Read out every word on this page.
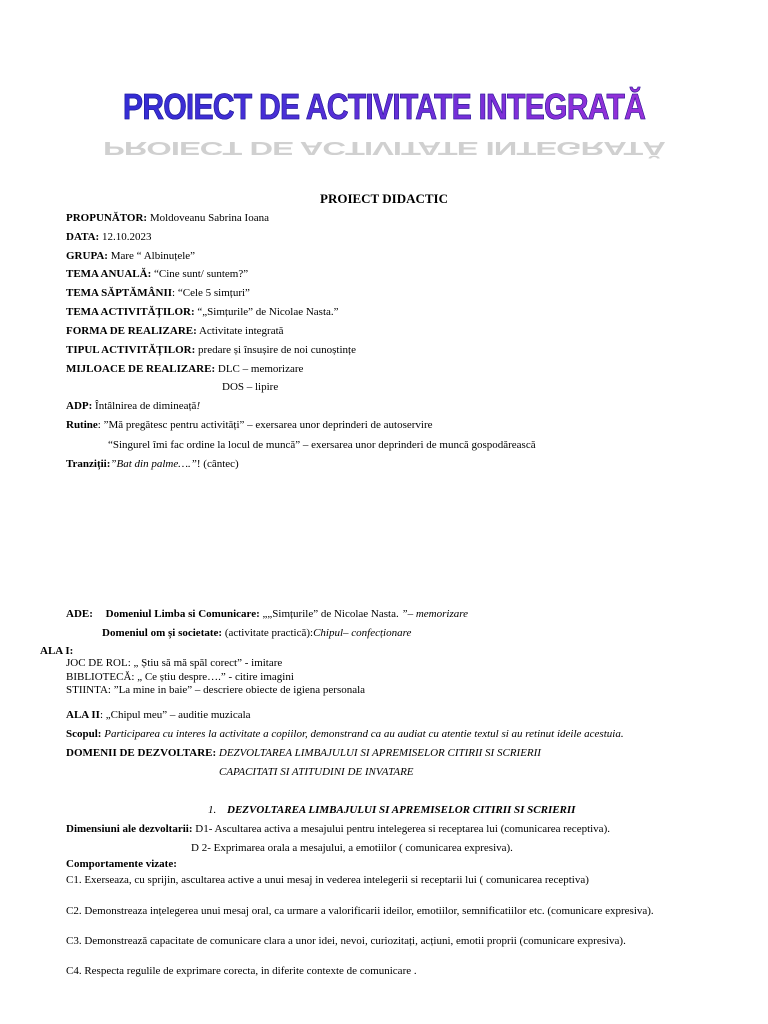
PROIECT DE ACTIVITATE INTEGRATĂ
PROIECT DE ACTIVITATE INTEGRATĂ
PROIECT DIDACTIC
PROPUNĂTOR: Moldoveanu Sabrina Ioana
DATA: 12.10.2023
GRUPA: Mare “ Albinuțele”
TEMA ANUALĂ: “Cine sunt/ suntem?”
TEMA SĂPTĂMÂNII: “Cele 5 simțuri”
TEMA ACTIVITĂȚILOR: “„Simțurile” de Nicolae Nasta.”
FORMA DE REALIZARE: Activitate integrată
TIPUL ACTIVITĂȚILOR: predare și însușire de noi cunoștințe
MIJLOACE DE REALIZARE: DLC – memorizare
DOS – lipire
ADP: Întâlnirea de dimineață!
Rutine: ”Mă pregătesc pentru activități” – exersarea unor deprinderi de autoservire
“Singurel îmi fac ordine la locul de muncă” – exersarea unor deprinderi de muncă gospodărească
Tranziții:”Bat din palme….”! (cântec)
ADE: Domeniul Limba si Comunicare: „„Simțurile” de Nicolae Nasta. ”– memorizare
Domeniul om și societate: (activitate practică):Chipul– confecționare
ALA I:
JOC DE ROL: „ Știu să mă spăl corect” - imitare
BIBLIOTECĂ: „ Ce știu despre….” - citire imagini
STIINTA: ”La mine in baie” – descriere obiecte de igiena personala
ALA II: „Chipul meu” – auditie muzicala
Scopul: Participarea cu interes la activitate a copiilor, demonstrand ca au audiat cu atentie textul si au retinut ideile acestuia.
DOMENII DE DEZVOLTARE: DEZVOLTAREA LIMBAJULUI SI APREMISELOR CITIRII SI SCRIERII
CAPACITATI SI ATITUDINI DE INVATARE
1. DEZVOLTAREA LIMBAJULUI SI APREMISELOR CITIRII SI SCRIERII
Dimensiuni ale dezvoltarii: D1- Ascultarea activa a mesajului pentru intelegerea si receptarea lui (comunicarea receptiva).
D 2- Exprimarea orala a mesajului, a emotiilor ( comunicarea expresiva).
Comportamente vizate:
C1. Exerseaza, cu sprijin, ascultarea active a unui mesaj in vederea intelegerii si receptarii lui ( comunicarea receptiva)
C2. Demonstreaza ințelegerea unui mesaj oral, ca urmare a valorificarii ideilor, emotiilor, semnificatiilor etc. (comunicare expresiva).
C3. Demonstrează capacitate de comunicare clara a unor idei, nevoi, curiozitați, acțiuni, emotii proprii (comunicare expresiva).
C4. Respecta regulile de exprimare corecta, in diferite contexte de comunicare .
